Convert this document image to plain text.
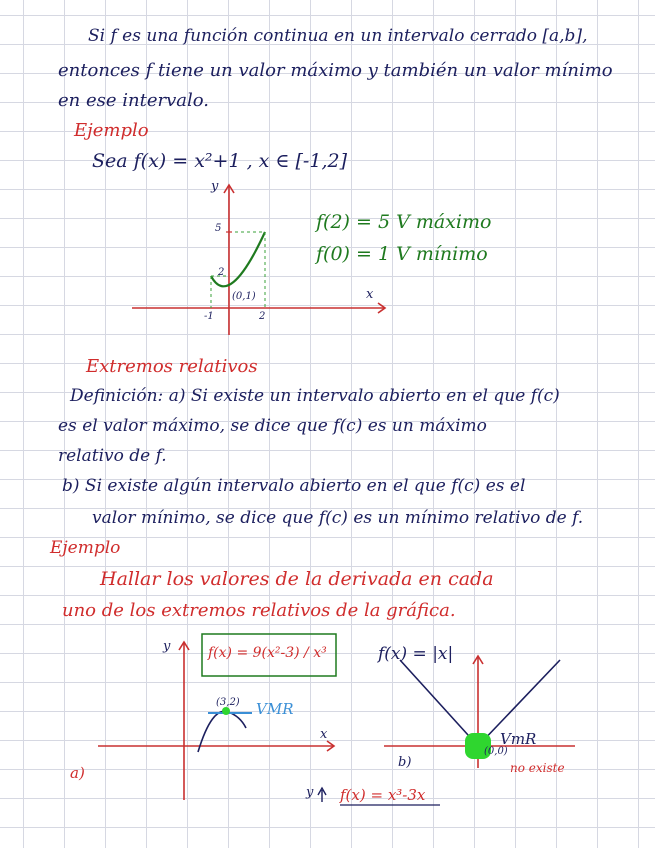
Si f es una función continua en un intervalo cerrado [a,b],
entonces f tiene un valor máximo y también un valor mínimo
en ese intervalo.
Ejemplo
Sea f(x) = x²+1 , x ∈ [-1,2]
f(2) = 5 V máximo
f(0) = 1 V mínimo
y
x
5
2
-1	2
(0,1)
Extremos relativos
Definición: a) Si existe un intervalo abierto en el que f(c)
es el valor máximo, se dice que f(c) es un máximo
relativo de f.
b) Si existe algún intervalo abierto en el que f(c) es el
valor mínimo, se dice que f(c) es un mínimo relativo de f.
Ejemplo
Hallar los valores de la derivada en cada
uno de los extremos relativos de la gráfica.
f(x) = 9(x²-3) / x³
y
x
(3,2) VMR
a)
f(x) = |x|
(0,0)
VmR
no existe
b)
y f(x) = x³-3x
